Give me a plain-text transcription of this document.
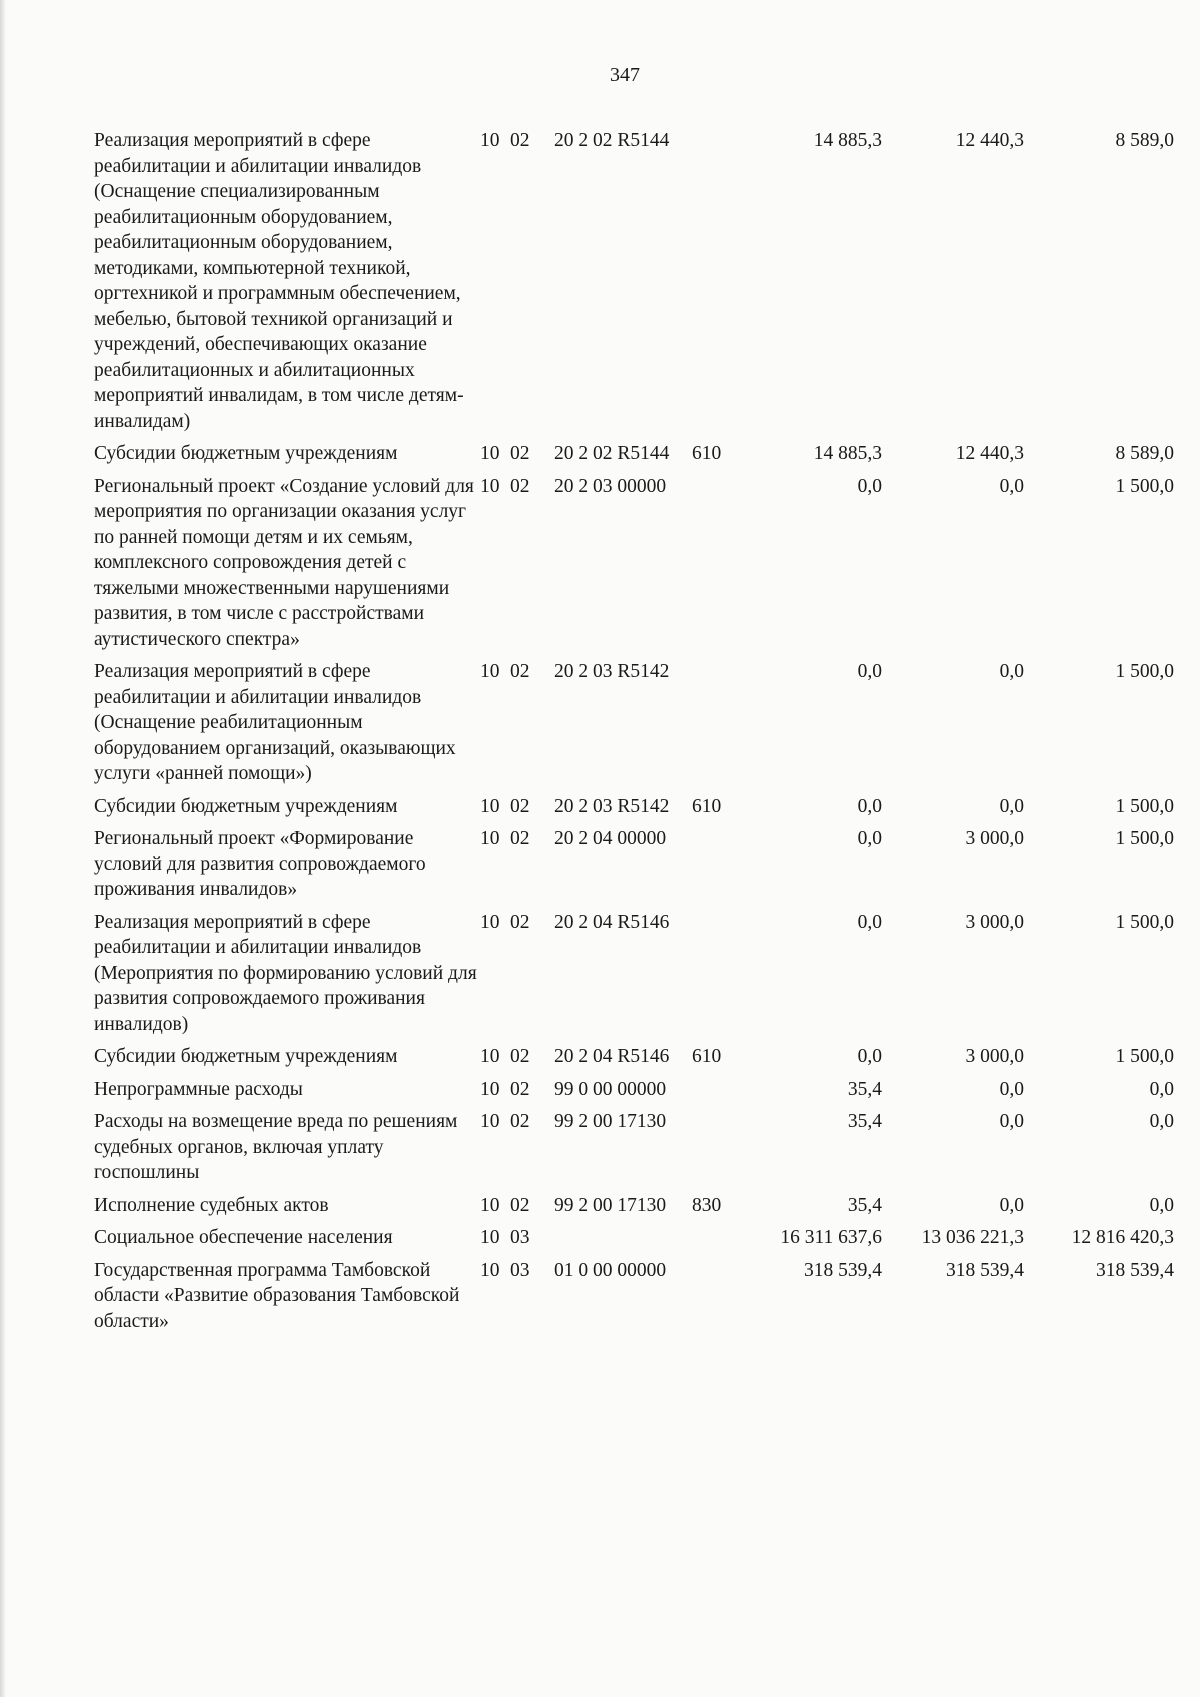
347
Реализация мероприятий в сфере реабилитации и абилитации инвалидов (Оснащение специализированным реабилитационным оборудованием, реабилитационным оборудованием, методиками, компьютерной техникой, оргтехникой и программным обеспечением, мебелью, бытовой техникой организаций и учреждений, обеспечивающих оказание реабилитационных и абилитационных мероприятий инвалидам, в том числе детям-инвалидам)	10	02	20 2 02 R5144		14 885,3	12 440,3	8 589,0
Субсидии бюджетным учреждениям	10	02	20 2 02 R5144	610	14 885,3	12 440,3	8 589,0
Региональный проект «Создание условий для мероприятия по организации оказания услуг по ранней помощи детям и их семьям, комплексного сопровождения детей с тяжелыми множественными нарушениями развития, в том числе с расстройствами аутистического спектра»	10	02	20 2 03 00000		0,0	0,0	1 500,0
Реализация мероприятий в сфере реабилитации и абилитации инвалидов (Оснащение реабилитационным оборудованием организаций, оказывающих услуги «ранней помощи»)	10	02	20 2 03 R5142		0,0	0,0	1 500,0
Субсидии бюджетным учреждениям	10	02	20 2 03 R5142	610	0,0	0,0	1 500,0
Региональный проект «Формирование условий для развития сопровождаемого проживания инвалидов»	10	02	20 2 04 00000		0,0	3 000,0	1 500,0
Реализация мероприятий в сфере реабилитации и абилитации инвалидов (Мероприятия по формированию условий для развития сопровождаемого проживания инвалидов)	10	02	20 2 04 R5146		0,0	3 000,0	1 500,0
Субсидии бюджетным учреждениям	10	02	20 2 04 R5146	610	0,0	3 000,0	1 500,0
Непрограммные расходы	10	02	99 0 00 00000		35,4	0,0	0,0
Расходы на возмещение вреда по решениям судебных органов, включая уплату госпошлины	10	02	99 2 00 17130		35,4	0,0	0,0
Исполнение судебных актов	10	02	99 2 00 17130	830	35,4	0,0	0,0
Социальное обеспечение населения	10	03			16 311 637,6	13 036 221,3	12 816 420,3
Государственная программа Тамбовской области «Развитие образования Тамбовской области»	10	03	01 0 00 00000		318 539,4	318 539,4	318 539,4
